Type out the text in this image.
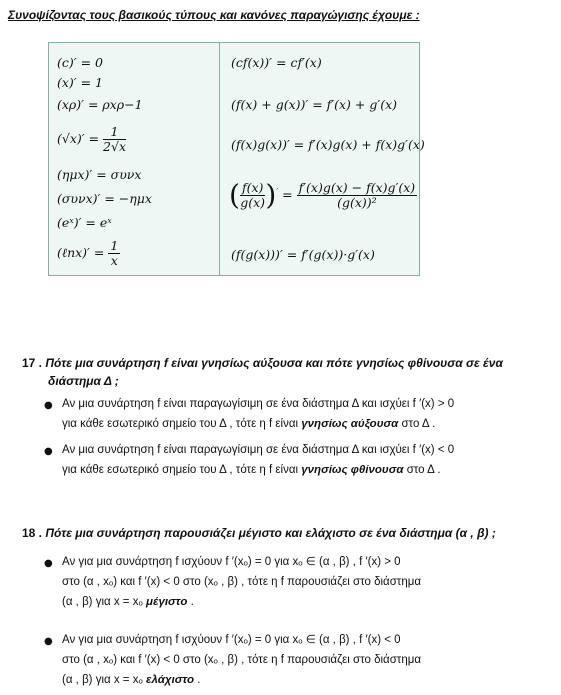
Συνοψίζοντας τους βασικούς τύπους και κανόνες παραγώγισης έχουμε :
(c)′ = 0
(x)′ = 1
(xρ)′ = ρxρ−1
$(√x)' = \frac{1}{2√x}$
(ημx)′ = συνx
(συνx)′ = −ημx
(eˣ)′ = eˣ
(ℓnx)′ = $\frac{1}{x}$
(cf(x))′ = cf′(x)
(f(x) + g(x))′ = f′(x) + g′(x)
(f(x)g(x))′ = f′(x)g(x) + f(x)g′(x)
( $\frac{f(x)}{g(x)} )' = \frac{f'(x)g(x) - f(x)g'(x)}{\text{(g(x))²}}$
(f(g(x)))′ = f′(g(x))·g′(x)
17 . Πότε μια συνάρτηση f είναι γνησίως αύξουσα και πότε γνησίως φθίνουσα σε ένα
διάστημα Δ ;
● Αν μια συνάρτηση f είναι παραγωγίσιμη σε ένα διάστημα Δ και ισχύει f ′(x) > 0
για κάθε εσωτερικό σημείο του Δ , τότε η f είναι γνησίως αύξουσα στο Δ .
● Αν μια συνάρτηση f είναι παραγωγίσιμη σε ένα διάστημα Δ και ισχύει f ′(x) < 0
για κάθε εσωτερικό σημείο του Δ , τότε η f είναι γνησίως φθίνουσα στο Δ .
18 . Πότε μια συνάρτηση παρουσιάζει μέγιστο και ελάχιστο σε ένα διάστημα (α , β) ;
● Αν για μια συνάρτηση f ισχύουν f ′(xₒ) = 0 για xₒ ∈ (α , β) , f ′(x) > 0
στο (α , xₒ) και f ′(x) < 0 στο (xₒ , β) , τότε η f παρουσιάζει στο διάστημα
(α , β) για x = xₒ μέγιστο .
● Αν για μια συνάρτηση f ισχύουν f ′(xₒ) = 0 για xₒ ∈ (α , β) , f ′(x) < 0
στο (α , xₒ) και f ′(x) < 0 στο (xₒ , β) , τότε η f παρουσιάζει στο διάστημα
(α , β) για x = xₒ ελάχιστο .
